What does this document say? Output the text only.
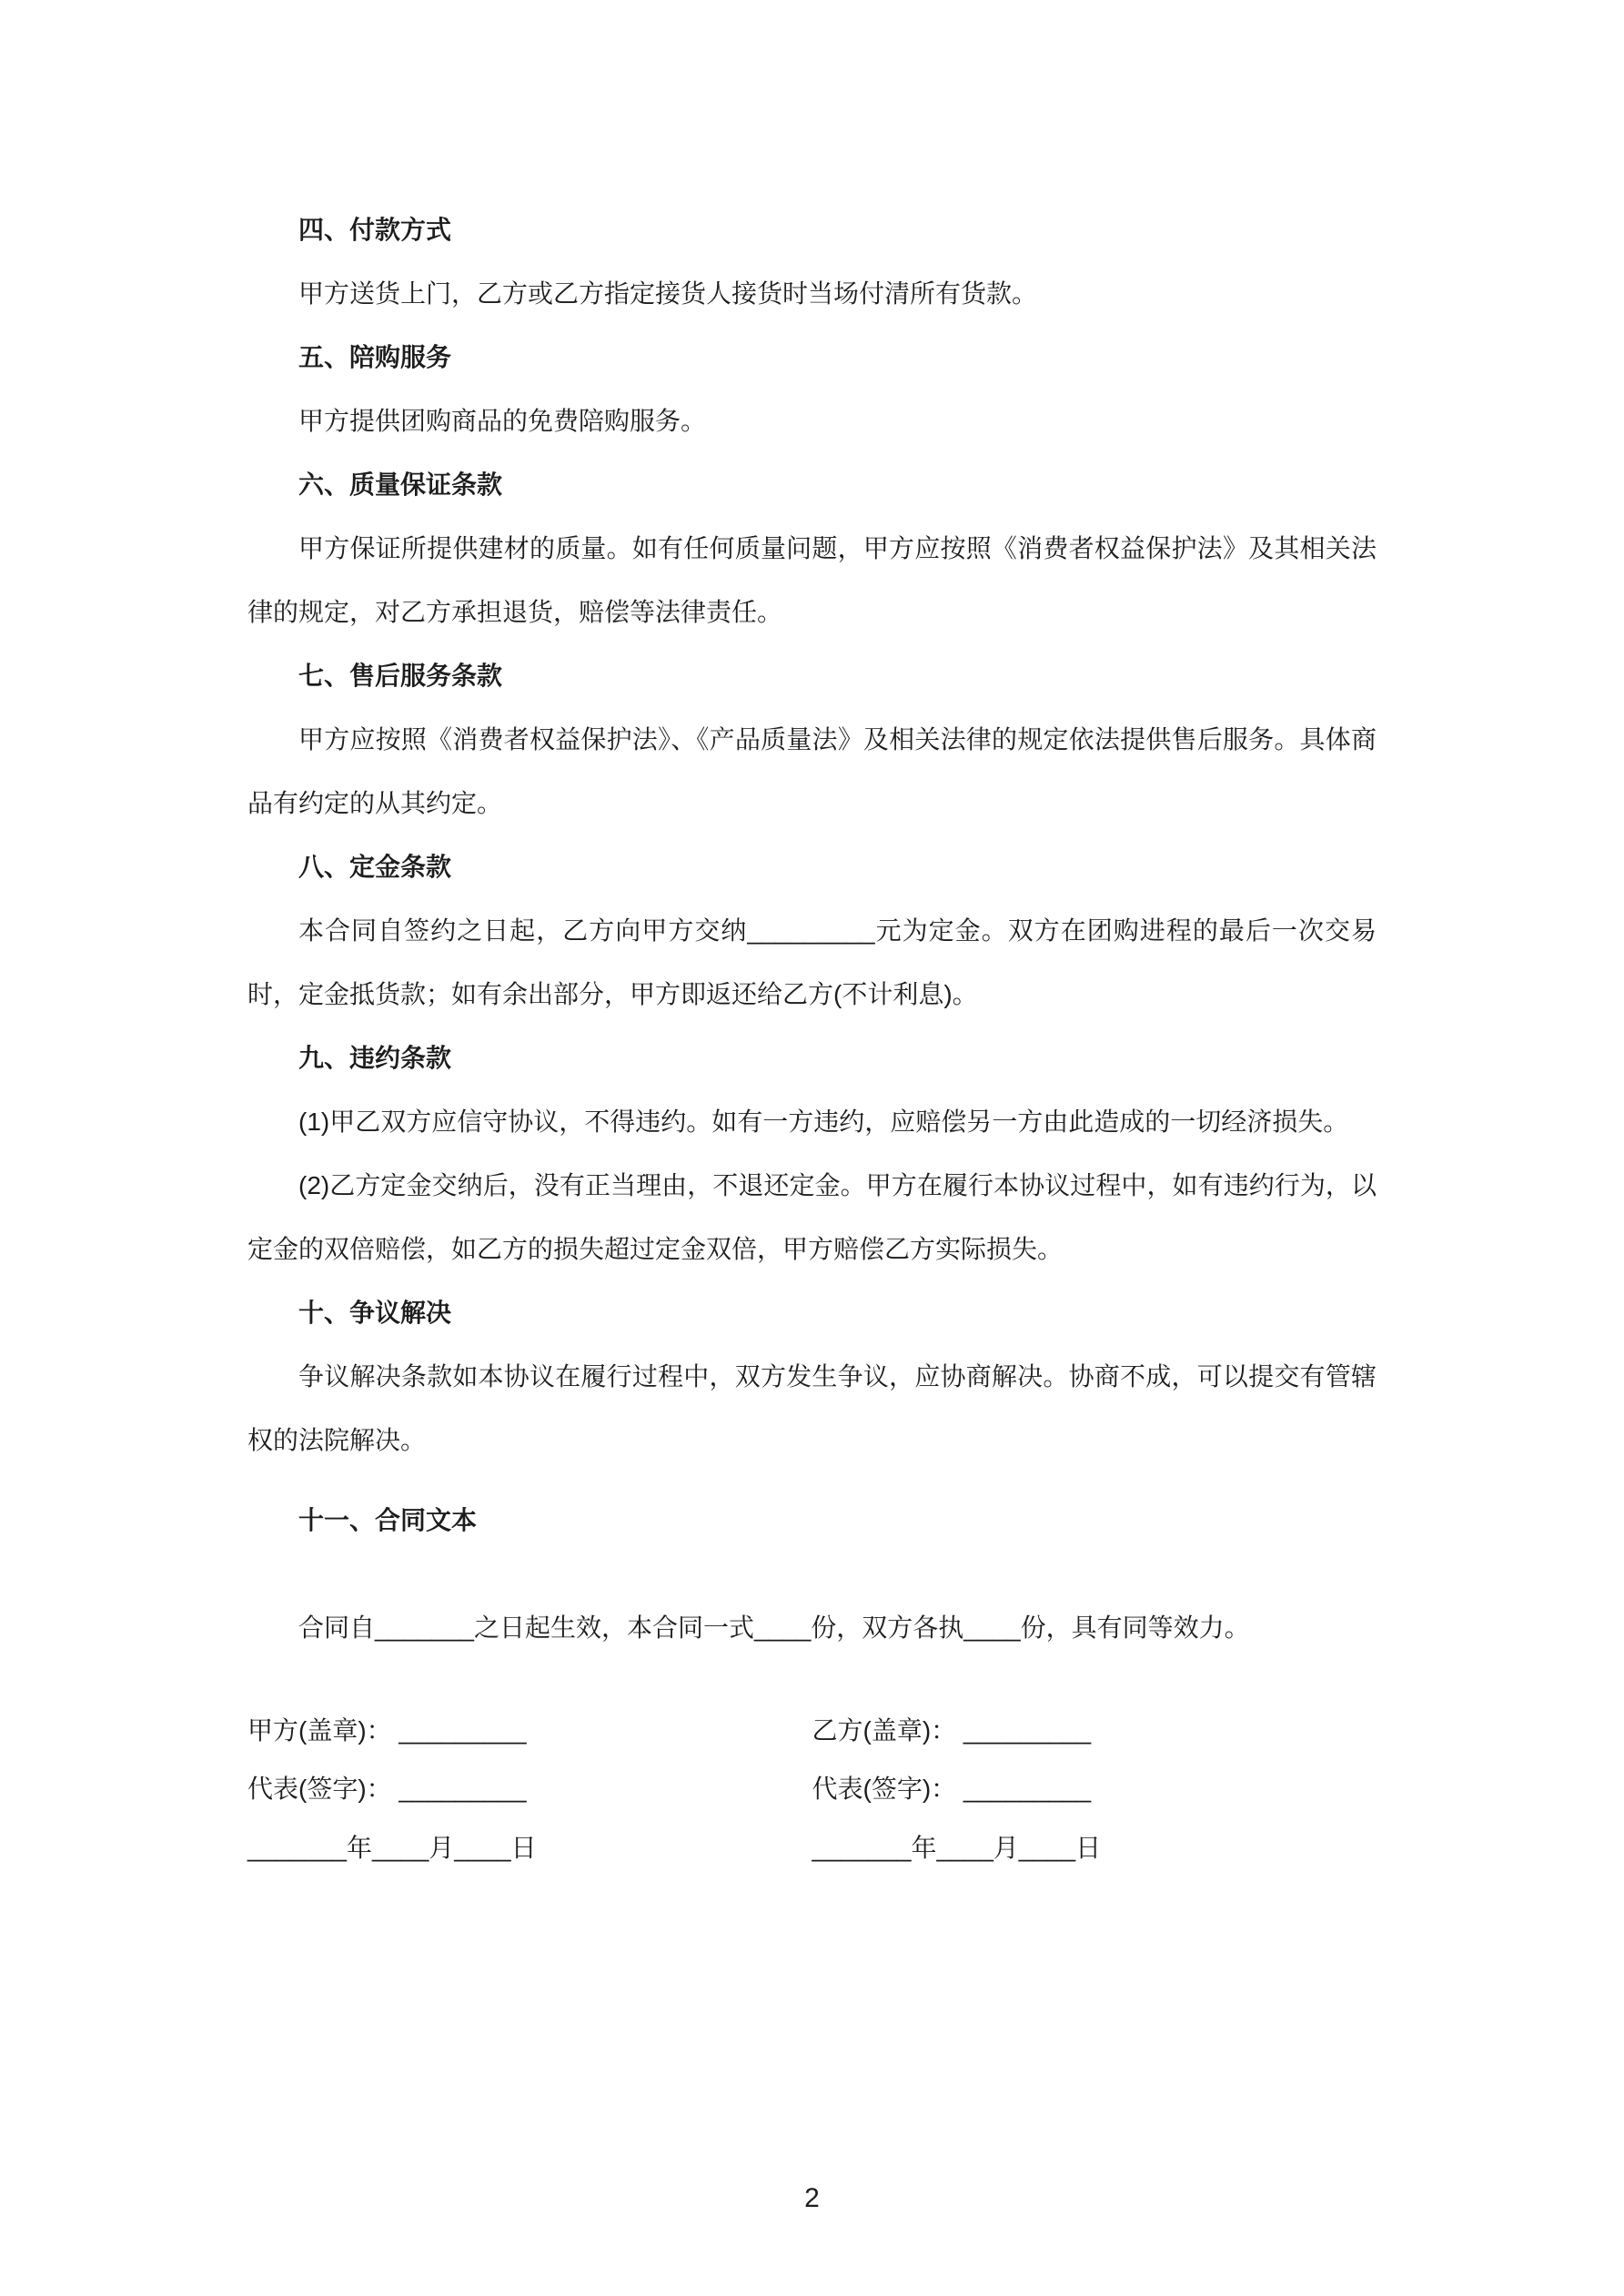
四、付款方式

甲方送货上门，乙方或乙方指定接货人接货时当场付清所有货款。

五、陪购服务

甲方提供团购商品的免费陪购服务。

六、质量保证条款

甲方保证所提供建材的质量。如有任何质量问题，甲方应按照《消费者权益保护法》及其相关法律的规定，对乙方承担退货，赔偿等法律责任。

七、售后服务条款

甲方应按照《消费者权益保护法》、《产品质量法》及相关法律的规定依法提供售后服务。具体商品有约定的从其约定。

八、定金条款

本合同自签约之日起，乙方向甲方交纳_________元为定金。双方在团购进程的最后一次交易时，定金抵货款；如有余出部分，甲方即返还给乙方(不计利息)。

九、违约条款

(1)甲乙双方应信守协议，不得违约。如有一方违约，应赔偿另一方由此造成的一切经济损失。

(2)乙方定金交纳后，没有正当理由，不退还定金。甲方在履行本协议过程中，如有违约行为，以定金的双倍赔偿，如乙方的损失超过定金双倍，甲方赔偿乙方实际损失。

十、争议解决

争议解决条款如本协议在履行过程中，双方发生争议，应协商解决。协商不成，可以提交有管辖权的法院解决。

十一、合同文本

合同自_______之日起生效，本合同一式____份，双方各执____份，具有同等效力。

甲方(盖章)： _________

代表(签字)： _________

_______年____月____日

乙方(盖章)： _________

代表(签字)： _________

_______年____月____日

2
